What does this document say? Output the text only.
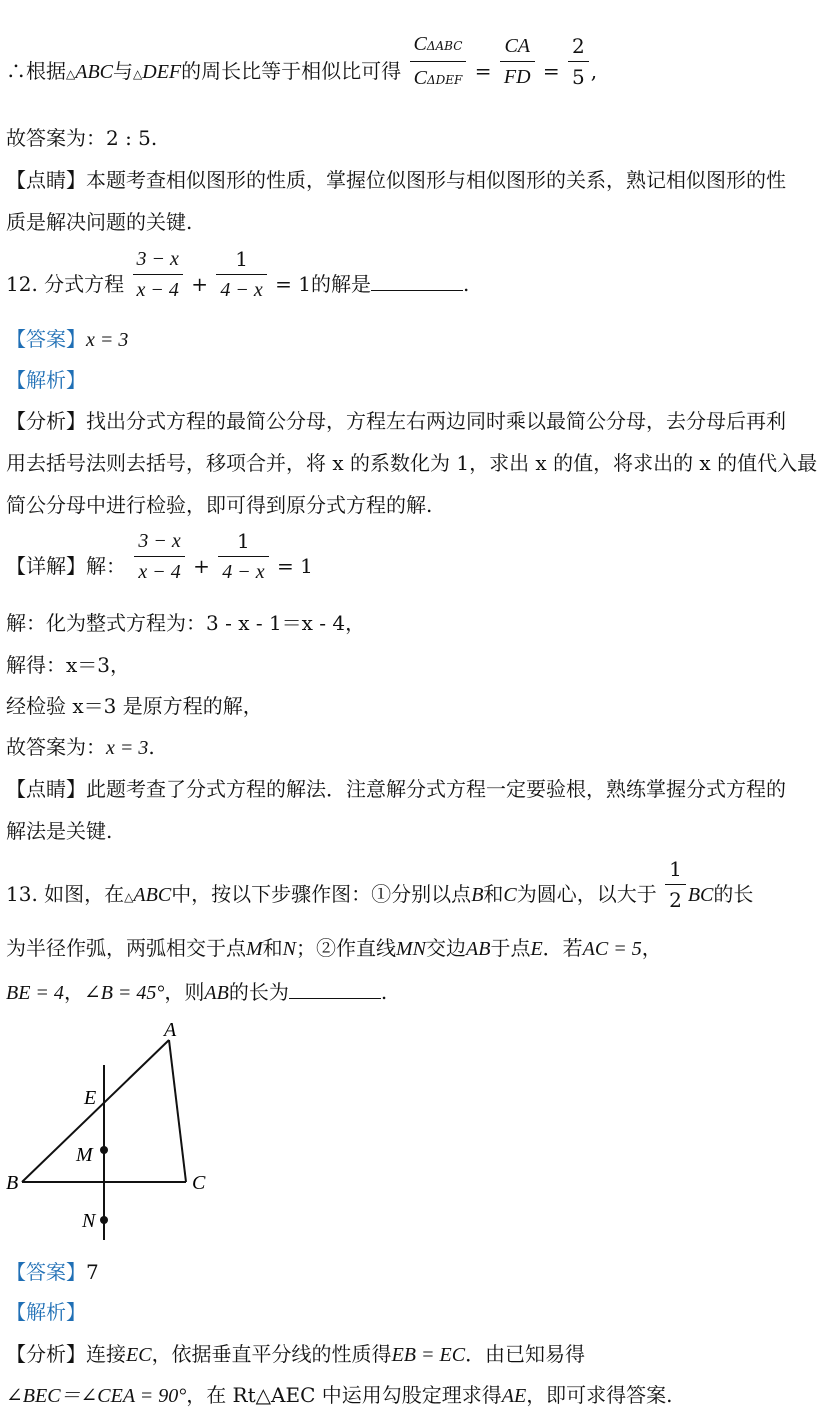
∴根据△ABC与△DEF的周长比等于相似比可得 $\frac{\text{CΔABC}}{\text{CΔDEF}} = \frac{CA}{FD} = \frac{2}{5}$ ,
故答案为：2 : 5.
【点睛】本题考查相似图形的性质，掌握位似图形与相似图形的关系，熟记相似图形的性
质是解决问题的关键.
12. 分式方程 $\frac{3 - x}{x - 4} + \frac{1}{4 - x} = 1$的解是	.
【答案】x = 3
【解析】
【分析】找出分式方程的最简公分母，方程左右两边同时乘以最简公分母，去分母后再利
用去括号法则去括号，移项合并，将 x 的系数化为 1，求出 x 的值，将求出的 x 的值代入最
简公分母中进行检验，即可得到原分式方程的解.
【详解】解： $\frac{3 - x}{x - 4} + \frac{1}{4 - x} = 1$
解：化为整式方程为：3 - x - 1＝x - 4，
解得：x＝3，
经检验 x＝3 是原方程的解，
故答案为：x = 3.
【点睛】此题考查了分式方程的解法．注意解分式方程一定要验根，熟练掌握分式方程的
解法是关键.
13. 如图，在△ABC中，按以下步骤作图：①分别以点B和C为圆心，以大于 $\frac{1}{2}$ BC的长
为半径作弧，两弧相交于点M和N；②作直线MN交边AB于点E．若AC = 5，
BE = 4，∠B = 45°，则AB的长为	.
A
B	C
E
M
N
【答案】7
【解析】
【分析】连接EC，依据垂直平分线的性质得EB = EC．由已知易得
∠BEC＝∠CEA = 90°，在 Rt△AEC 中运用勾股定理求得AE，即可求得答案.
